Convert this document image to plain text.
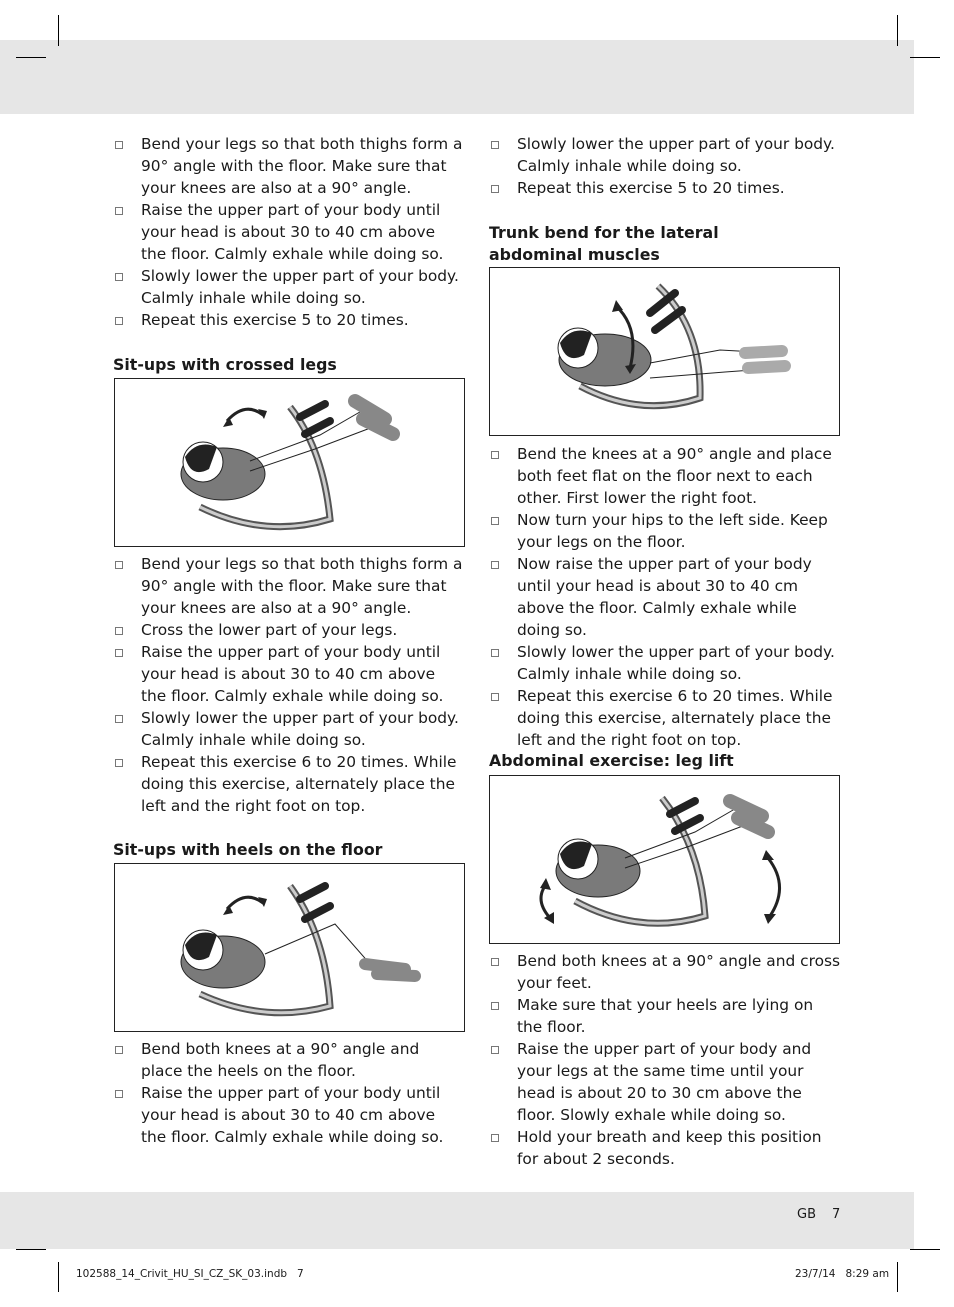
Bend your legs so that both thighs form a 90° angle with the floor. Make sure that your knees are also at a 90° angle.
Raise the upper part of your body until your head is about 30 to 40 cm above the floor. Calmly exhale while doing so.
Slowly lower the upper part of your body. Calmly inhale while doing so.
Repeat this exercise 5 to 20 times.
Sit-ups with crossed legs
Bend your legs so that both thighs form a 90° angle with the floor. Make sure that your knees are also at a 90° angle.
Cross the lower part of your legs.
Raise the upper part of your body until your head is about 30 to 40 cm above the floor. Calmly exhale while doing so.
Slowly lower the upper part of your body. Calmly inhale while doing so.
Repeat this exercise 6 to 20 times. While doing this exercise, alternately place the left and the right foot on top.
Sit-ups with heels on the floor
Bend both knees at a 90° angle and place the heels on the floor.
Raise the upper part of your body until your head is about 30 to 40 cm above the floor. Calmly exhale while doing so.
Slowly lower the upper part of your body. Calmly inhale while doing so.
Repeat this exercise 5 to 20 times.
Trunk bend for the lateral
abdominal muscles
Bend the knees at a 90° angle and place both feet flat on the floor next to each other. First lower the right foot.
Now turn your hips to the left side. Keep your legs on the floor.
Now raise the upper part of your body until your head is about 30 to 40 cm above the floor. Calmly exhale while doing so.
Slowly lower the upper part of your body. Calmly inhale while doing so.
Repeat this exercise 6 to 20 times. While doing this exercise, alternately place the left and the right foot on top.
Abdominal exercise: leg lift
Bend both knees at a 90° angle and cross your feet.
Make sure that your heels are lying on the floor.
Raise the upper part of your body and your legs at the same time until your head is about 20 to 30 cm above the floor. Slowly exhale while doing so.
Hold your breath and keep this position for about 2 seconds.
GB 7
102588_14_Crivit_HU_SI_CZ_SK_03.indb   7	23/7/14   8:29 am
